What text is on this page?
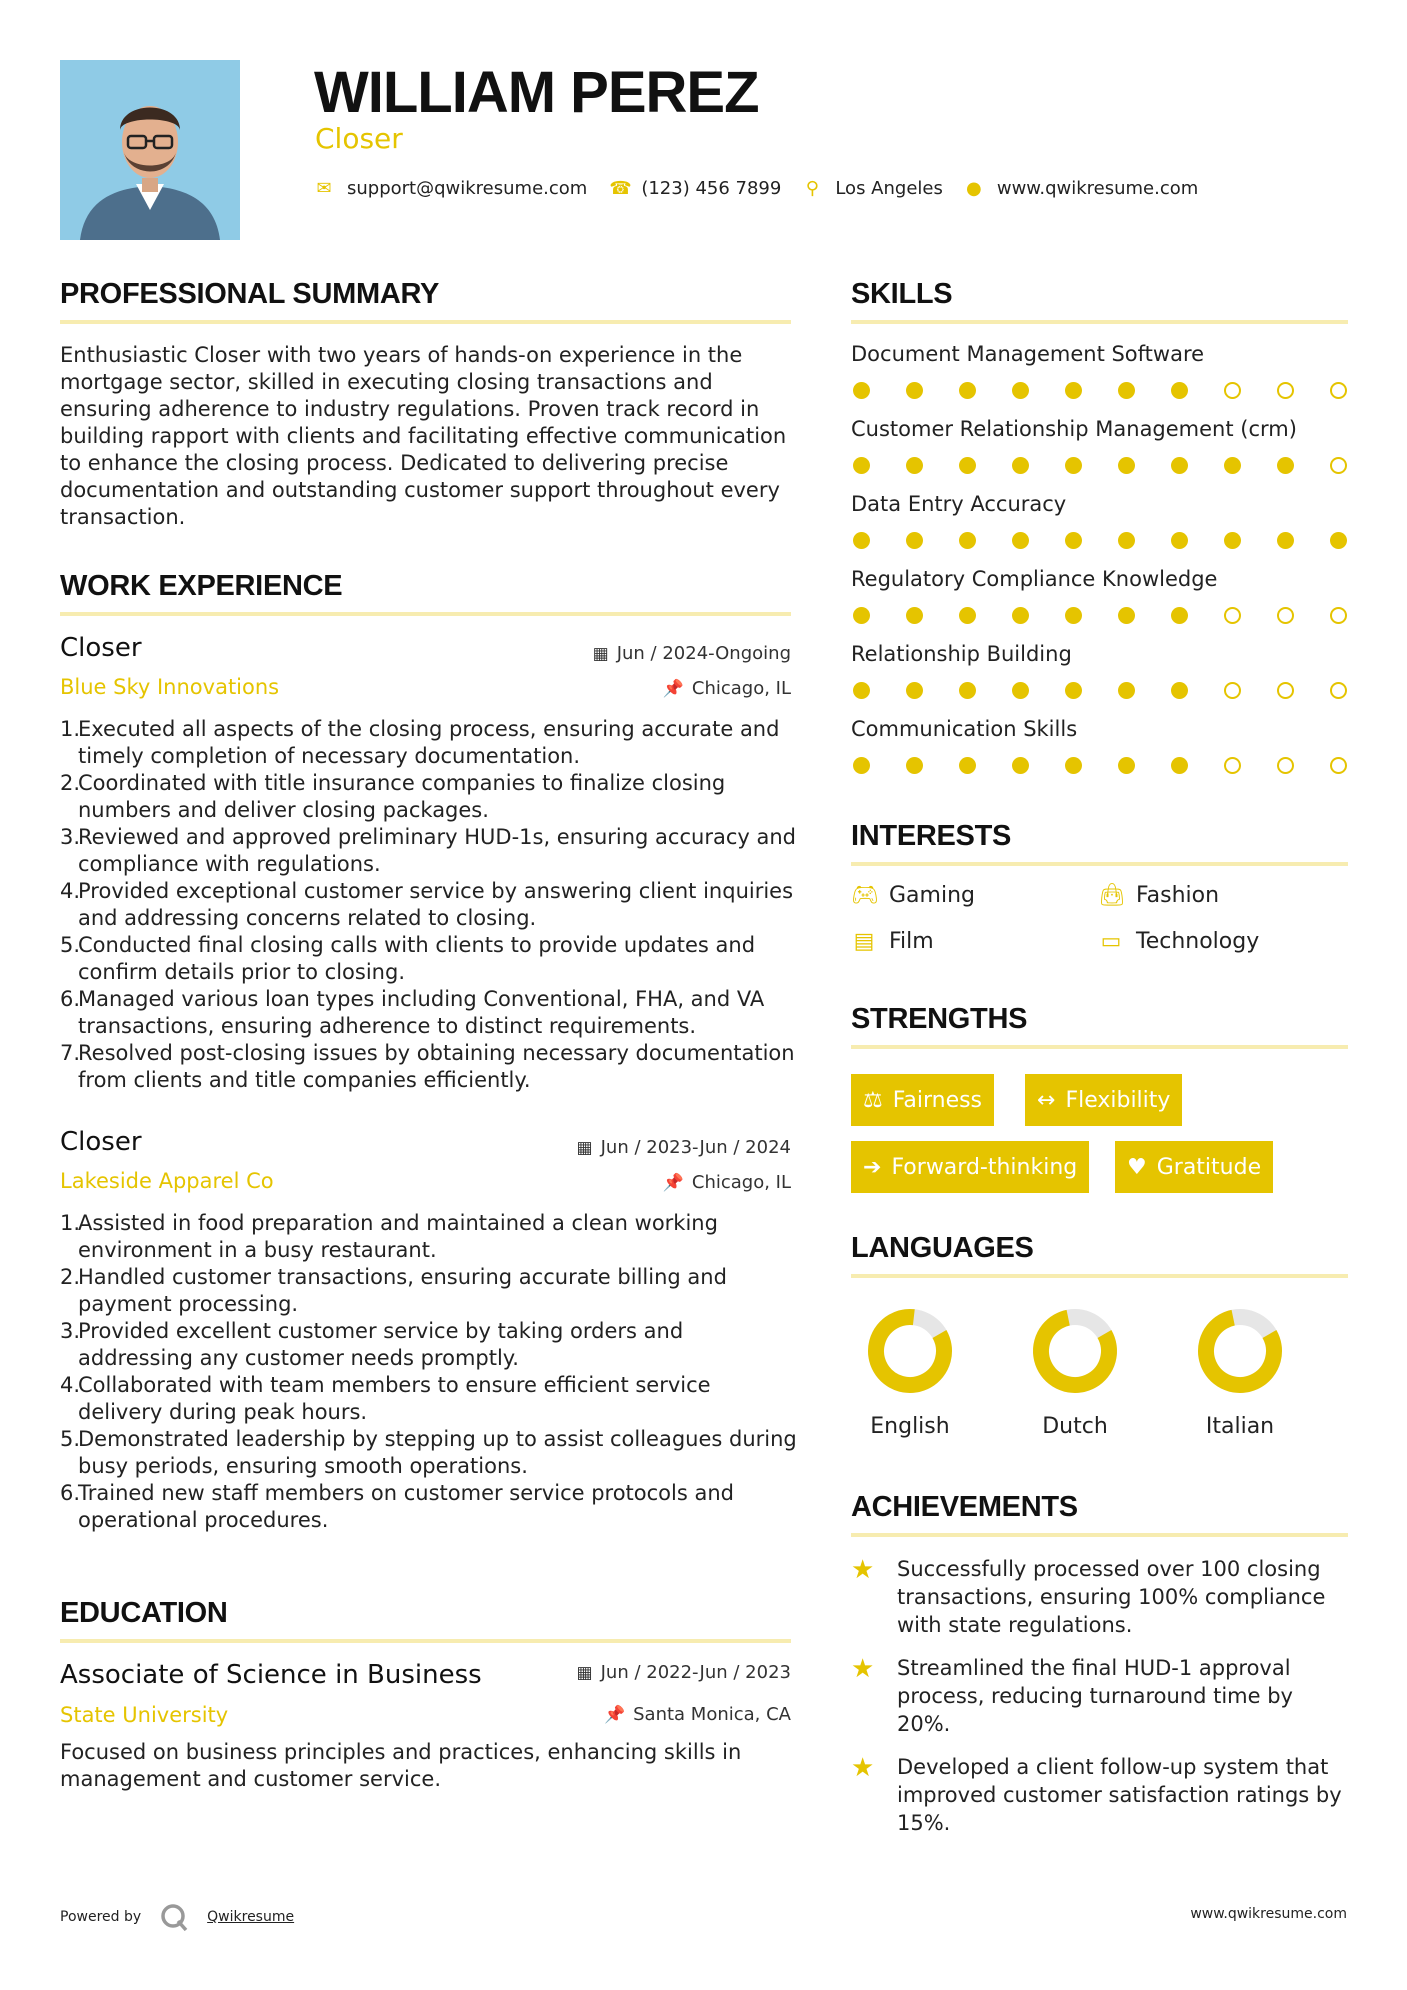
WILLIAM PEREZ
Closer
✉ support@qwikresume.com ☎ (123) 456 7899 ⚲ Los Angeles ● www.qwikresume.com
PROFESSIONAL SUMMARY
Enthusiastic Closer with two years of hands-on experience in the mortgage sector, skilled in executing closing transactions and ensuring adherence to industry regulations. Proven track record in building rapport with clients and facilitating effective communication to enhance the closing process. Dedicated to delivering precise documentation and outstanding customer support throughout every transaction.
WORK EXPERIENCE
Closer	▦ Jun / 2024-Ongoing
Blue Sky Innovations	📌 Chicago, IL
1.
Executed all aspects of the closing process, ensuring accurate and timely completion of necessary documentation.
2.
Coordinated with title insurance companies to finalize closing numbers and deliver closing packages.
3.
Reviewed and approved preliminary HUD-1s, ensuring accuracy and compliance with regulations.
4.
Provided exceptional customer service by answering client inquiries and addressing concerns related to closing.
5.
Conducted final closing calls with clients to provide updates and confirm details prior to closing.
6.
Managed various loan types including Conventional, FHA, and VA transactions, ensuring adherence to distinct requirements.
7.
Resolved post-closing issues by obtaining necessary documentation from clients and title companies efficiently.
Closer	▦ Jun / 2023-Jun / 2024
Lakeside Apparel Co	📌 Chicago, IL
1.
Assisted in food preparation and maintained a clean working environment in a busy restaurant.
2.
Handled customer transactions, ensuring accurate billing and payment processing.
3.
Provided excellent customer service by taking orders and addressing any customer needs promptly.
4.
Collaborated with team members to ensure efficient service delivery during peak hours.
5.
Demonstrated leadership by stepping up to assist colleagues during busy periods, ensuring smooth operations.
6.
Trained new staff members on customer service protocols and operational procedures.
EDUCATION
Associate of Science in Business	▦ Jun / 2022-Jun / 2023
State University	📌 Santa Monica, CA
Focused on business principles and practices, enhancing skills in management and customer service.
SKILLS
Document Management Software
Customer Relationship Management (crm)
Data Entry Accuracy
Regulatory Compliance Knowledge
Relationship Building
Communication Skills
INTERESTS
🎮︎ Gaming	👜︎ Fashion
▤ Film	▭ Technology
STRENGTHS
⚖ Fairness ↔ Flexibility
➔ Forward-thinking ♥ Gratitude
LANGUAGES
English	Dutch	Italian
ACHIEVEMENTS
★	Successfully processed over 100 closing transactions, ensuring 100% compliance with state regulations.
★	Streamlined the final HUD-1 approval process, reducing turnaround time by 20%.
★	Developed a client follow-up system that improved customer satisfaction ratings by 15%.
Powered by	Qwikresume	www.qwikresume.com
